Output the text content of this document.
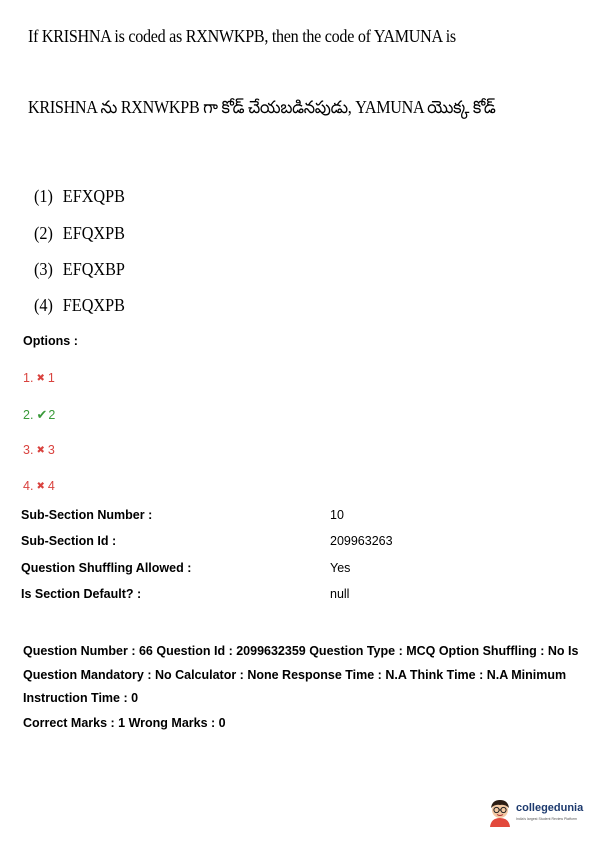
If KRISHNA is coded as RXNWKPB, then the code of YAMUNA is
KRISHNA ను RXNWKPB గా కోడ్ చేయబడినపుడు, YAMUNA యొక్క కోడ్
(1) EFXQPB
(2) EFQXPB
(3) EFQXBP
(4) FEQXPB
Options :
1. ✖ 1
2. ✔2
3. ✖ 3
4. ✖ 4
Sub-Section Number :	10
Sub-Section Id :	209963263
Question Shuffling Allowed :	Yes
Is Section Default? :	null
Question Number : 66 Question Id : 2099632359 Question Type : MCQ Option Shuffling : No Is Question Mandatory : No Calculator : None Response Time : N.A Think Time : N.A Minimum Instruction Time : 0
Correct Marks : 1 Wrong Marks : 0
collegedunia
India's largest Student Review Platform
